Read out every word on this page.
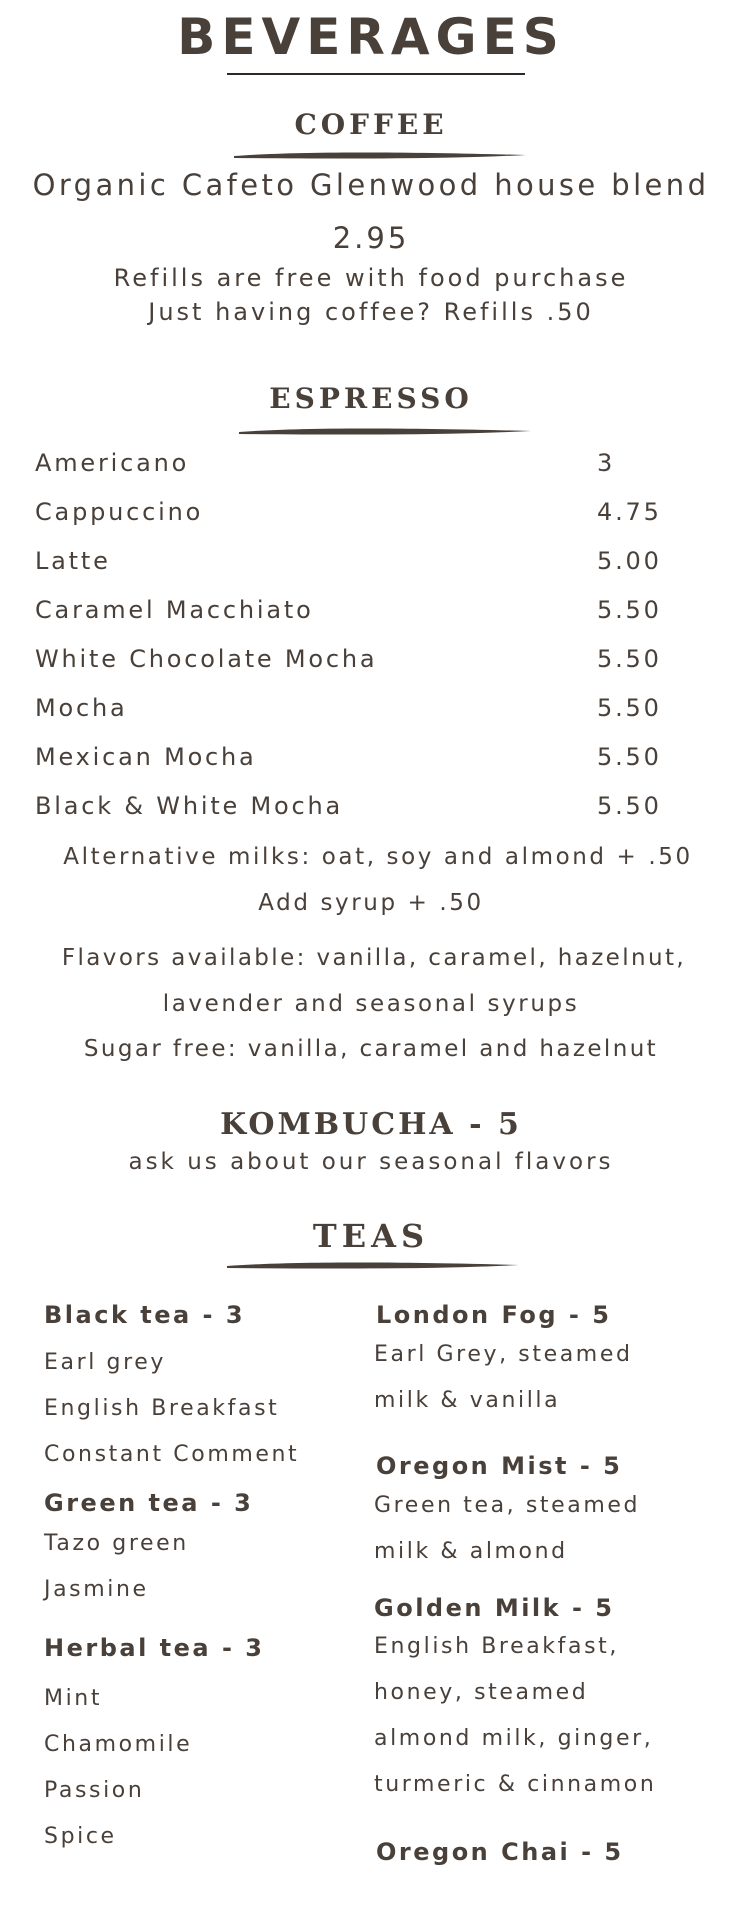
BEVERAGES
COFFEE
Organic Cafeto Glenwood house blend
2.95
Refills are free with food purchase
Just having coffee? Refills .50
ESPRESSO
Americano	3
Cappuccino	4.75
Latte	5.00
Caramel Macchiato	5.50
White Chocolate Mocha	5.50
Mocha	5.50
Mexican Mocha	5.50
Black & White Mocha	5.50
Alternative milks: oat, soy and almond + .50
Add syrup + .50
Flavors available: vanilla, caramel, hazelnut,
lavender and seasonal syrups
Sugar free: vanilla, caramel and hazelnut
KOMBUCHA - 5
ask us about our seasonal flavors
TEAS
Black tea - 3
Earl grey
English Breakfast
Constant Comment
Green tea - 3
Tazo green
Jasmine
Herbal tea - 3
Mint
Chamomile
Passion
Spice
London Fog - 5
Earl Grey, steamed
milk & vanilla
Oregon Mist - 5
Green tea, steamed
milk & almond
Golden Milk - 5
English Breakfast,
honey, steamed
almond milk, ginger,
turmeric & cinnamon
Oregon Chai - 5
